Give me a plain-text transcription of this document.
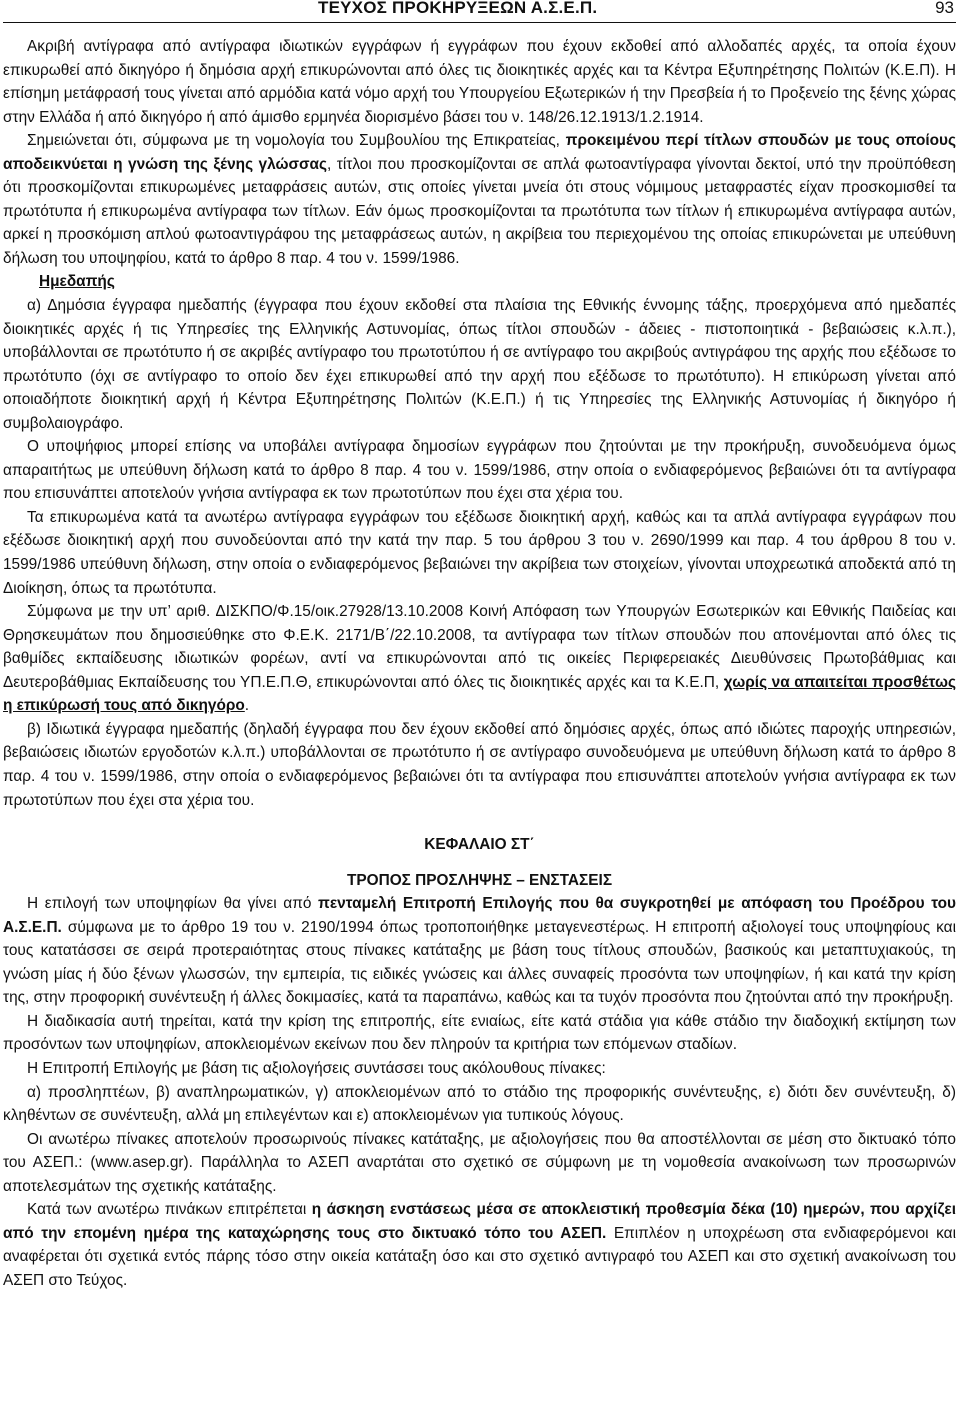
ΤΕΥΧΟΣ ΠΡΟΚΗΡΥΞΕΩΝ Α.Σ.Ε.Π.	93

Ακριβή αντίγραφα από αντίγραφα ιδιωτικών εγγράφων ή εγγράφων που έχουν εκδοθεί από αλλοδαπές αρχές, τα οποία έχουν επικυρωθεί από δικηγόρο ή δημόσια αρχή επικυρώνονται από όλες τις διοικητικές αρχές και τα Κέντρα Εξυπηρέτησης Πολιτών (Κ.Ε.Π). Η επίσημη μετάφρασή τους γίνεται από αρμόδια κατά νόμο αρχή του Υπουργείου Εξωτερικών ή την Πρεσβεία ή το Προξενείο της ξένης χώρας στην Ελλάδα ή από δικηγόρο ή από άμισθο ερμηνέα διορισμένο βάσει του ν. 148/26.12.1913/1.2.1914.

Σημειώνεται ότι, σύμφωνα με τη νομολογία του Συμβουλίου της Επικρατείας, προκειμένου περί τίτλων σπουδών με τους οποίους αποδεικνύεται η γνώση της ξένης γλώσσας, τίτλοι που προσκομίζονται σε απλά φωτοαντίγραφα γίνονται δεκτοί, υπό την προϋπόθεση ότι προσκομίζονται επικυρωμένες μεταφράσεις αυτών, στις οποίες γίνεται μνεία ότι στους νόμιμους μεταφραστές είχαν προσκομισθεί τα πρωτότυπα ή επικυρωμένα αντίγραφα των τίτλων. Εάν όμως προσκομίζονται τα πρωτότυπα των τίτλων ή επικυρωμένα αντίγραφα αυτών, αρκεί η προσκόμιση απλού φωτοαντιγράφου της μεταφράσεως αυτών, η ακρίβεια του περιεχομένου της οποίας επικυρώνεται με υπεύθυνη δήλωση του υποψηφίου, κατά το άρθρο 8 παρ. 4 του ν. 1599/1986.

Ημεδαπής

α) Δημόσια έγγραφα ημεδαπής (έγγραφα που έχουν εκδοθεί στα πλαίσια της Εθνικής έννομης τάξης, προερχόμενα από ημεδαπές διοικητικές αρχές ή τις Υπηρεσίες της Ελληνικής Αστυνομίας, όπως τίτλοι σπουδών - άδειες - πιστοποιητικά - βεβαιώσεις κ.λ.π.), υποβάλλονται σε πρωτότυπο ή σε ακριβές αντίγραφο του πρωτοτύπου ή σε αντίγραφο του ακριβούς αντιγράφου της αρχής που εξέδωσε το πρωτότυπο (όχι σε αντίγραφο το οποίο δεν έχει επικυρωθεί από την αρχή που εξέδωσε το πρωτότυπο). Η επικύρωση γίνεται από οποιαδήποτε διοικητική αρχή ή Κέντρα Εξυπηρέτησης Πολιτών (Κ.Ε.Π.) ή τις Υπηρεσίες της Ελληνικής Αστυνομίας ή δικηγόρο ή συμβολαιογράφο.

Ο υποψήφιος μπορεί επίσης να υποβάλει αντίγραφα δημοσίων εγγράφων που ζητούνται με την προκήρυξη, συνοδευόμενα όμως απαραιτήτως με υπεύθυνη δήλωση κατά το άρθρο 8 παρ. 4 του ν. 1599/1986, στην οποία ο ενδιαφερόμενος βεβαιώνει ότι τα αντίγραφα που επισυνάπτει αποτελούν γνήσια αντίγραφα εκ των πρωτοτύπων που έχει στα χέρια του.

Τα επικυρωμένα κατά τα ανωτέρω αντίγραφα εγγράφων του εξέδωσε διοικητική αρχή, καθώς και τα απλά αντίγραφα εγγράφων που εξέδωσε διοικητική αρχή που συνοδεύονται από την κατά την παρ. 5 του άρθρου 3 του ν. 2690/1999 και παρ. 4 του άρθρου 8 του ν. 1599/1986 υπεύθυνη δήλωση, στην οποία ο ενδιαφερόμενος βεβαιώνει την ακρίβεια των στοιχείων, γίνονται υποχρεωτικά αποδεκτά από τη Διοίκηση, όπως τα πρωτότυπα.

Σύμφωνα με την υπ’ αριθ. ΔΙΣΚΠΟ/Φ.15/οικ.27928/13.10.2008 Κοινή Απόφαση των Υπουργών Εσωτερικών και Εθνικής Παιδείας και Θρησκευμάτων που δημοσιεύθηκε στο Φ.Ε.Κ. 2171/Β΄/22.10.2008, τα αντίγραφα των τίτλων σπουδών που απονέμονται από όλες τις βαθμίδες εκπαίδευσης ιδιωτικών φορέων, αντί να επικυρώνονται από τις οικείες Περιφερειακές Διευθύνσεις Πρωτοβάθμιας και Δευτεροβάθμιας Εκπαίδευσης του ΥΠ.Ε.Π.Θ, επικυρώνονται από όλες τις διοικητικές αρχές και τα Κ.Ε.Π, χωρίς να απαιτείται προσθέτως η επικύρωσή τους από δικηγόρο.

β) Ιδιωτικά έγγραφα ημεδαπής (δηλαδή έγγραφα που δεν έχουν εκδοθεί από δημόσιες αρχές, όπως από ιδιώτες παροχής υπηρεσιών, βεβαιώσεις ιδιωτών εργοδοτών κ.λ.π.) υποβάλλονται σε πρωτότυπο ή σε αντίγραφο συνοδευόμενα με υπεύθυνη δήλωση κατά το άρθρο 8 παρ. 4 του ν. 1599/1986, στην οποία ο ενδιαφερόμενος βεβαιώνει ότι τα αντίγραφα που επισυνάπτει αποτελούν γνήσια αντίγραφα εκ των πρωτοτύπων που έχει στα χέρια του.

ΚΕΦΑΛΑΙΟ ΣΤ΄

ΤΡΟΠΟΣ ΠΡΟΣΛΗΨΗΣ – ΕΝΣΤΑΣΕΙΣ

Η επιλογή των υποψηφίων θα γίνει από πενταμελή Επιτροπή Επιλογής που θα συγκροτηθεί με απόφαση του Προέδρου του Α.Σ.Ε.Π. σύμφωνα με το άρθρο 19 του ν. 2190/1994 όπως τροποποιήθηκε μεταγενεστέρως. Η επιτροπή αξιολογεί τους υποψηφίους και τους κατατάσσει σε σειρά προτεραιότητας στους πίνακες κατάταξης με βάση τους τίτλους σπουδών, βασικούς και μεταπτυχιακούς, τη γνώση μίας ή δύο ξένων γλωσσών, την εμπειρία, τις ειδικές γνώσεις και άλλες συναφείς προσόντα των υποψηφίων, ή και κατά την κρίση της, στην προφορική συνέντευξη ή άλλες δοκιμασίες, κατά τα παραπάνω, καθώς και τα τυχόν προσόντα που ζητούνται από την προκήρυξη.

Η διαδικασία αυτή τηρείται, κατά την κρίση της επιτροπής, είτε ενιαίως, είτε κατά στάδια για κάθε στάδιο την διαδοχική εκτίμηση των προσόντων των υποψηφίων, αποκλειομένων εκείνων που δεν πληρούν τα κριτήρια των επόμενων σταδίων.

Η Επιτροπή Επιλογής με βάση τις αξιολογήσεις συντάσσει τους ακόλουθους πίνακες:

α) προσληπτέων, β) αναπληρωματικών, γ) αποκλειομένων από το στάδιο της προφορικής συνέντευξης, ε) διότι δεν συνέντευξη, δ) κληθέντων σε συνέντευξη, αλλά μη επιλεγέντων και ε) αποκλειομένων για τυπικούς λόγους.

Οι ανωτέρω πίνακες αποτελούν προσωρινούς πίνακες κατάταξης, με αξιολογήσεις που θα αποστέλλονται σε μέση στο δικτυακό τόπο του ΑΣΕΠ.: (www.asep.gr). Παράλληλα το ΑΣΕΠ αναρτάται στο σχετικό σε σύμφωνη με τη νομοθεσία ανακοίνωση των προσωρινών αποτελεσμάτων της σχετικής κατάταξης.

Κατά των ανωτέρω πινάκων επιτρέπεται η άσκηση ενστάσεως μέσα σε αποκλειστική προθεσμία δέκα (10) ημερών, που αρχίζει από την επομένη ημέρα της καταχώρησης τους στο δικτυακό τόπο του ΑΣΕΠ. Επιπλέον η υποχρέωση στα ενδιαφερόμενοι και αναφέρεται ότι σχετικά εντός πάρης τόσο στην οικεία κατάταξη όσο και στο σχετικό αντιγραφό του ΑΣΕΠ και στο σχετική ανακοίνωση του ΑΣΕΠ στο Τεύχος.
